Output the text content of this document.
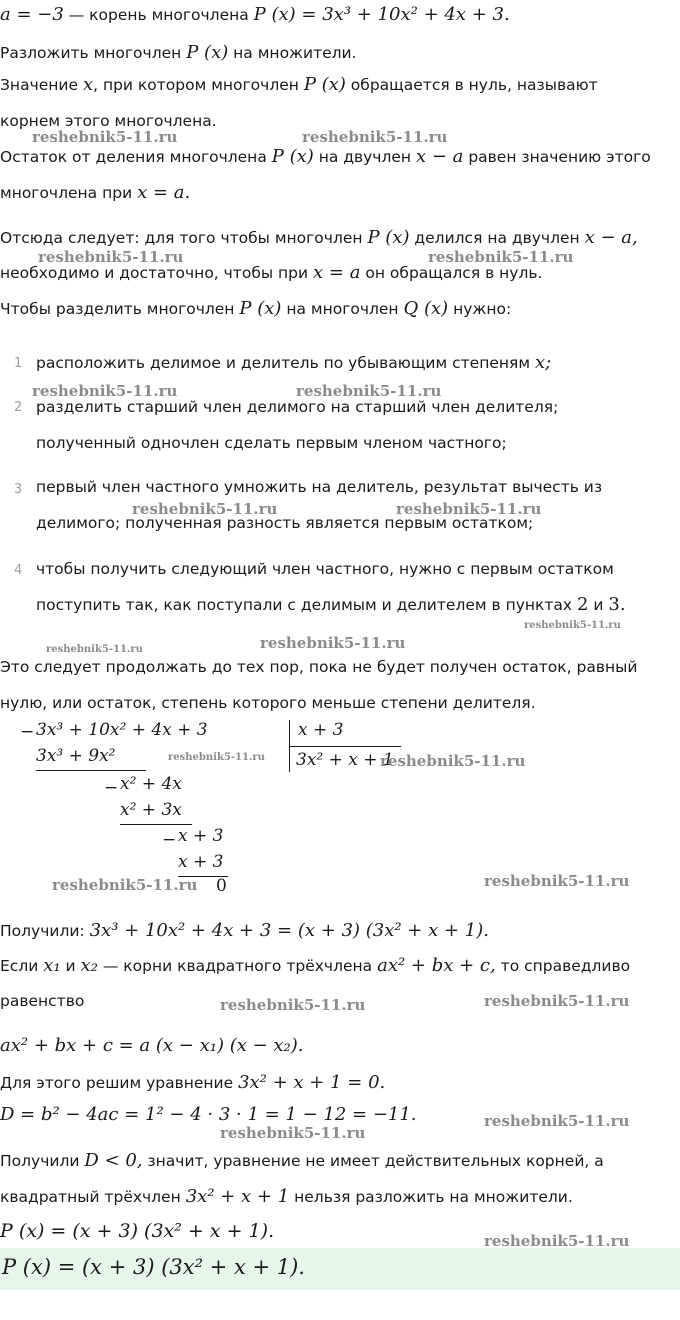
a = −3 — корень многочлена P (x) = 3x³ + 10x² + 4x + 3.
Разложить многочлен P (x) на множители.
Значение x, при котором многочлен P (x) обращается в нуль, называют
корнем этого многочлена.
Остаток от деления многочлена P (x) на двучлен x − a равен значению этого
многочлена при x = a.
Отсюда следует: для того чтобы многочлен P (x) делился на двучлен x − a,
необходимо и достаточно, чтобы при x = a он обращался в нуль.
Чтобы разделить многочлен P (x) на многочлен Q (x) нужно:
1 расположить делимое и делитель по убывающим степеням x;
2 разделить старший член делимого на старший член делителя;
полученный одночлен сделать первым членом частного;
3 первый член частного умножить на делитель, результат вычесть из
делимого; полученная разность является первым остатком;
4 чтобы получить следующий член частного, нужно с первым остатком
поступить так, как поступали с делимым и делителем в пунктах 2 и 3.
Это следует продолжать до тех пор, пока не будет получен остаток, равный
нулю, или остаток, степень которого меньше степени делителя.
− 3x³ + 10x² + 4x + 3	x + 3
3x² + x + 1
3x³ + 9x²
− x² + 4x
x² + 3x
− x + 3
x + 3
0
Получили: 3x³ + 10x² + 4x + 3 = (x + 3) (3x² + x + 1).
Если x₁ и x₂ — корни квадратного трёхчлена ax² + bx + c, то справедливо
равенство
ax² + bx + c = a (x − x₁) (x − x₂).
Для этого решим уравнение 3x² + x + 1 = 0.
D = b² − 4ac = 1² − 4 · 3 · 1 = 1 − 12 = −11.
Получили D < 0, значит, уравнение не имеет действительных корней, а
квадратный трёхчлен 3x² + x + 1 нельзя разложить на множители.
P (x) = (x + 3) (3x² + x + 1).
P (x) = (x + 3) (3x² + x + 1).
reshebnik5-11.ru	reshebnik5-11.ru
reshebnik5-11.ru	reshebnik5-11.ru
reshebnik5-11.ru	reshebnik5-11.ru
reshebnik5-11.ru	reshebnik5-11.ru
reshebnik5-11.ru
reshebnik5-11.ru	reshebnik5-11.ru
reshebnik5-11.ru	reshebnik5-11.ru
reshebnik5-11.ru	reshebnik5-11.ru
reshebnik5-11.ru	reshebnik5-11.ru
reshebnik5-11.ru
reshebnik5-11.ru
reshebnik5-11.ru
